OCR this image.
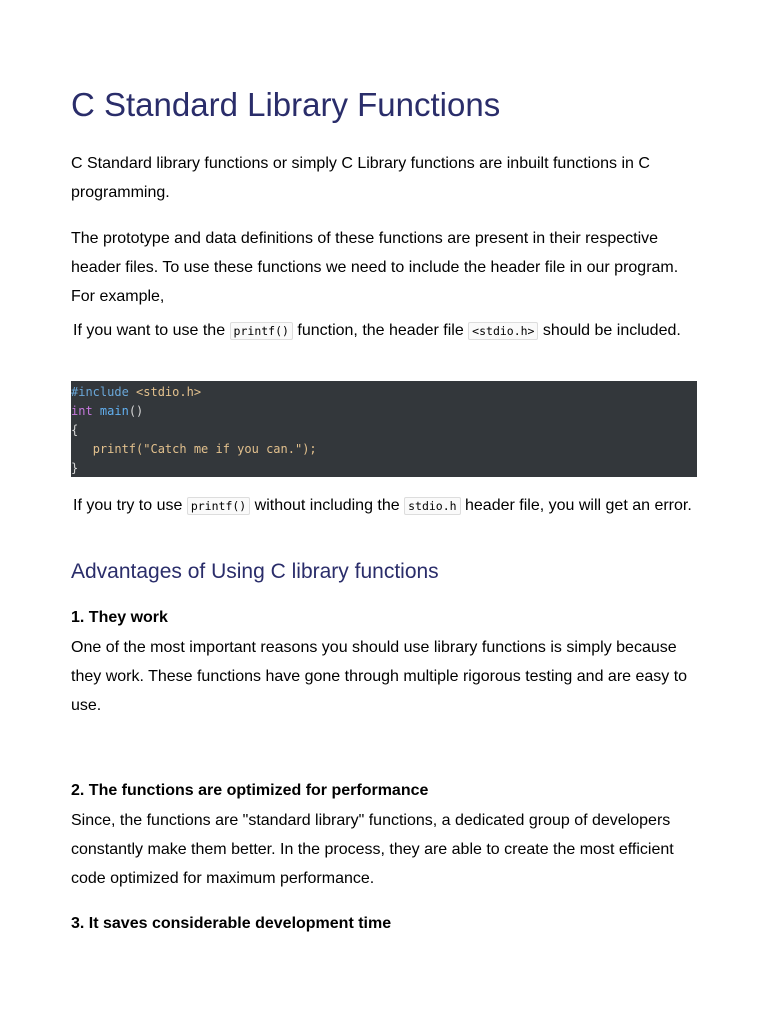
C Standard Library Functions

C Standard library functions or simply C Library functions are inbuilt functions in C programming.

The prototype and data definitions of these functions are present in their respective header files. To use these functions we need to include the header file in our program. For example,

If you want to use the printf() function, the header file <stdio.h> should be included.

#include <stdio.h>
int main()
{
printf("Catch me if you can.");
}

If you try to use printf() without including the stdio.h header file, you will get an error.

Advantages of Using C library functions
1. They work

One of the most important reasons you should use library functions is simply because they work. These functions have gone through multiple rigorous testing and are easy to use.

2. The functions are optimized for performance

Since, the functions are "standard library" functions, a dedicated group of developers constantly make them better. In the process, they are able to create the most efficient code optimized for maximum performance.

3. It saves considerable development time
